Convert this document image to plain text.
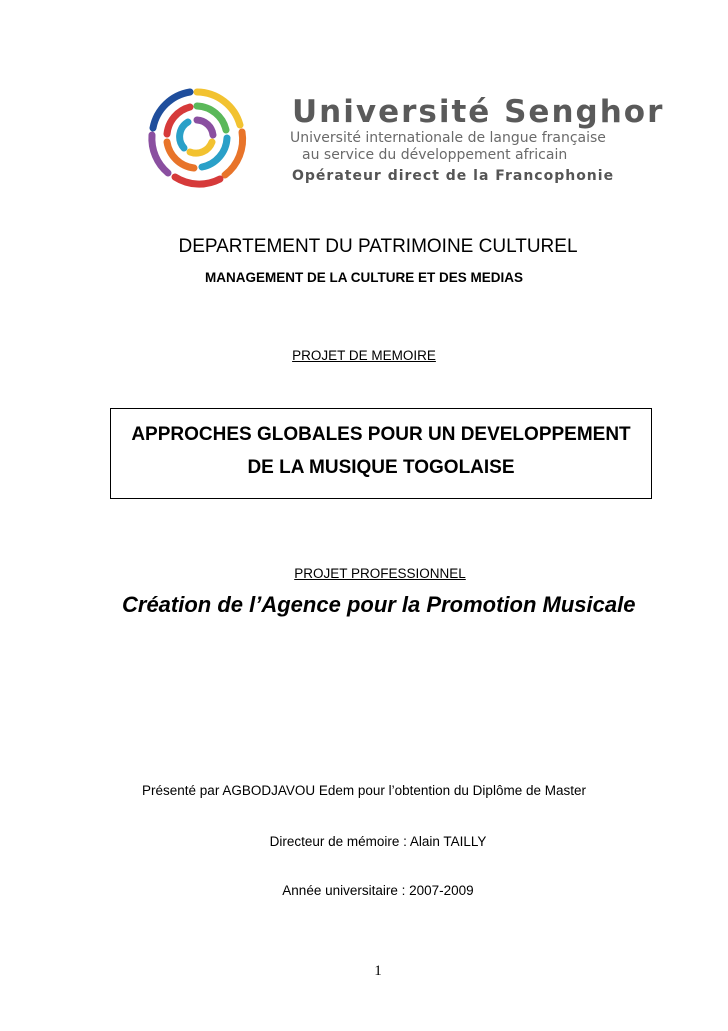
Université Senghor
Université internationale de langue française
au service du développement africain
Opérateur direct de la Francophonie
DEPARTEMENT DU PATRIMOINE CULTUREL
MANAGEMENT DE LA CULTURE ET DES MEDIAS
PROJET DE MEMOIRE
APPROCHES GLOBALES POUR UN DEVELOPPEMENT
DE LA MUSIQUE TOGOLAISE
PROJET PROFESSIONNEL
Création de l’Agence pour la Promotion Musicale
Présenté par AGBODJAVOU Edem pour l’obtention du Diplôme de Master
Directeur de mémoire : Alain TAILLY
Année universitaire : 2007-2009
1
